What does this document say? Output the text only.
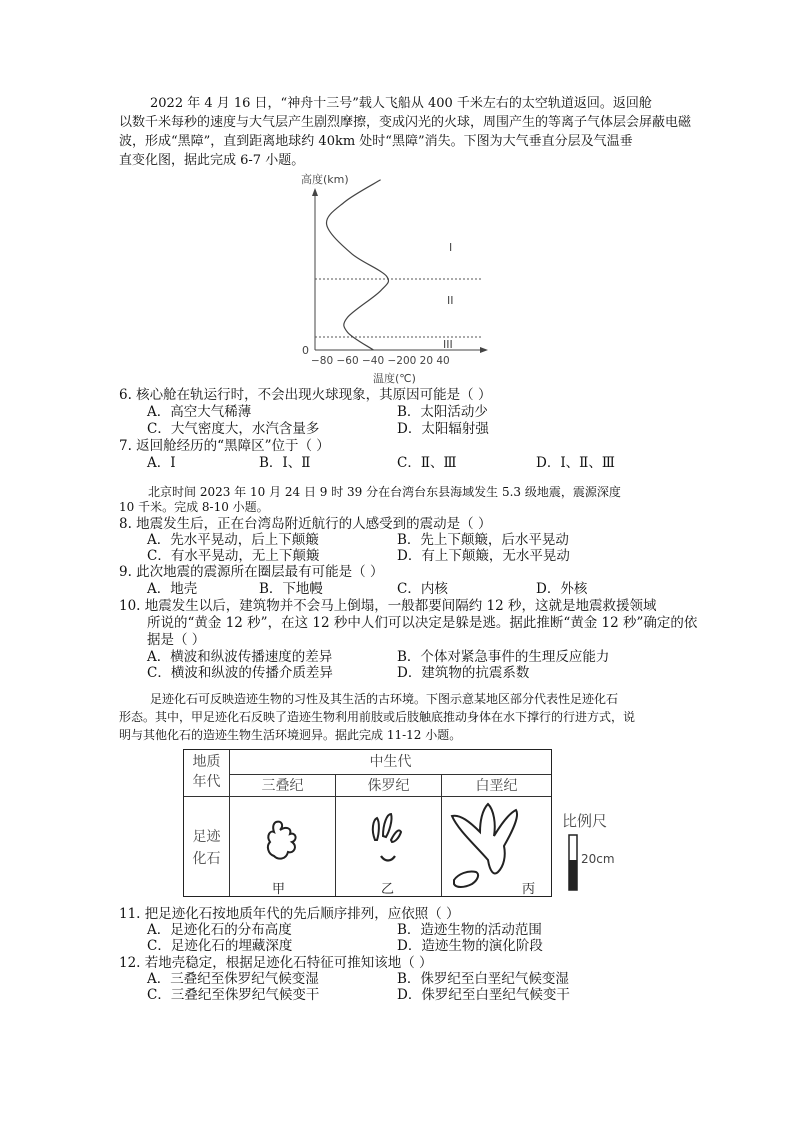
2022 年 4 月 16 日，“神舟十三号”载人飞船从 400 千米左右的太空轨道返回。返回舱
以数千米每秒的速度与大气层产生剧烈摩擦，变成闪光的火球，周围产生的等离子气体层会屏蔽电磁
波，形成“黑障”，直到距离地球约 40km 处时“黑障”消失。下图为大气垂直分层及气温垂
直变化图，据此完成 6-7 小题。
高度(km)
0
−80 −60 −40 −200 20 40
温度(℃)
I
II
III
6. 核心舱在轨运行时，不会出现火球现象，其原因可能是（ ）
A．高空大气稀薄	B．太阳活动少
C．大气密度大，水汽含量多	D．太阳辐射强
7. 返回舱经历的“黑障区”位于（ ）
A．Ⅰ	B．Ⅰ、Ⅱ	C．Ⅱ、Ⅲ	D．Ⅰ、Ⅱ、Ⅲ
北京时间 2023 年 10 月 24 日 9 时 39 分在台湾台东县海域发生 5.3 级地震，震源深度
10 千米。完成 8-10 小题。
8. 地震发生后，正在台湾岛附近航行的人感受到的震动是（ ）
A．先水平晃动，后上下颠簸	B．先上下颠簸，后水平晃动
C．有水平晃动，无上下颠簸	D．有上下颠簸，无水平晃动
9. 此次地震的震源所在圈层最有可能是（ ）
A．地壳	B．下地幔	C．内核	D．外核
10. 地震发生以后，建筑物并不会马上倒塌，一般都要间隔约 12 秒，这就是地震救援领域
所说的“黄金 12 秒”，在这 12 秒中人们可以决定是躲是逃。据此推断“黄金 12 秒”确定的依
据是（ ）
A．横波和纵波传播速度的差异	B．个体对紧急事件的生理反应能力
C．横波和纵波的传播介质差异	D．建筑物的抗震系数
足迹化石可反映造迹生物的习性及其生活的古环境。下图示意某地区部分代表性足迹化石
形态。其中，甲足迹化石反映了造迹生物利用前肢或后肢触底推动身体在水下撑行的行进方式，说
明与其他化石的造迹生物生活环境迥异。据此完成 11-12 小题。
地质
年代
中生代
三叠纪	侏罗纪	白垩纪
足迹
化石
甲	乙	丙
比例尺
20cm
11. 把足迹化石按地质年代的先后顺序排列，应依照（ ）
A．足迹化石的分布高度	B．造迹生物的活动范围
C．足迹化石的埋藏深度	D．造迹生物的演化阶段
12. 若地壳稳定，根据足迹化石特征可推知该地（ ）
A．三叠纪至侏罗纪气候变湿	B．侏罗纪至白垩纪气候变湿
C．三叠纪至侏罗纪气候变干	D．侏罗纪至白垩纪气候变干
